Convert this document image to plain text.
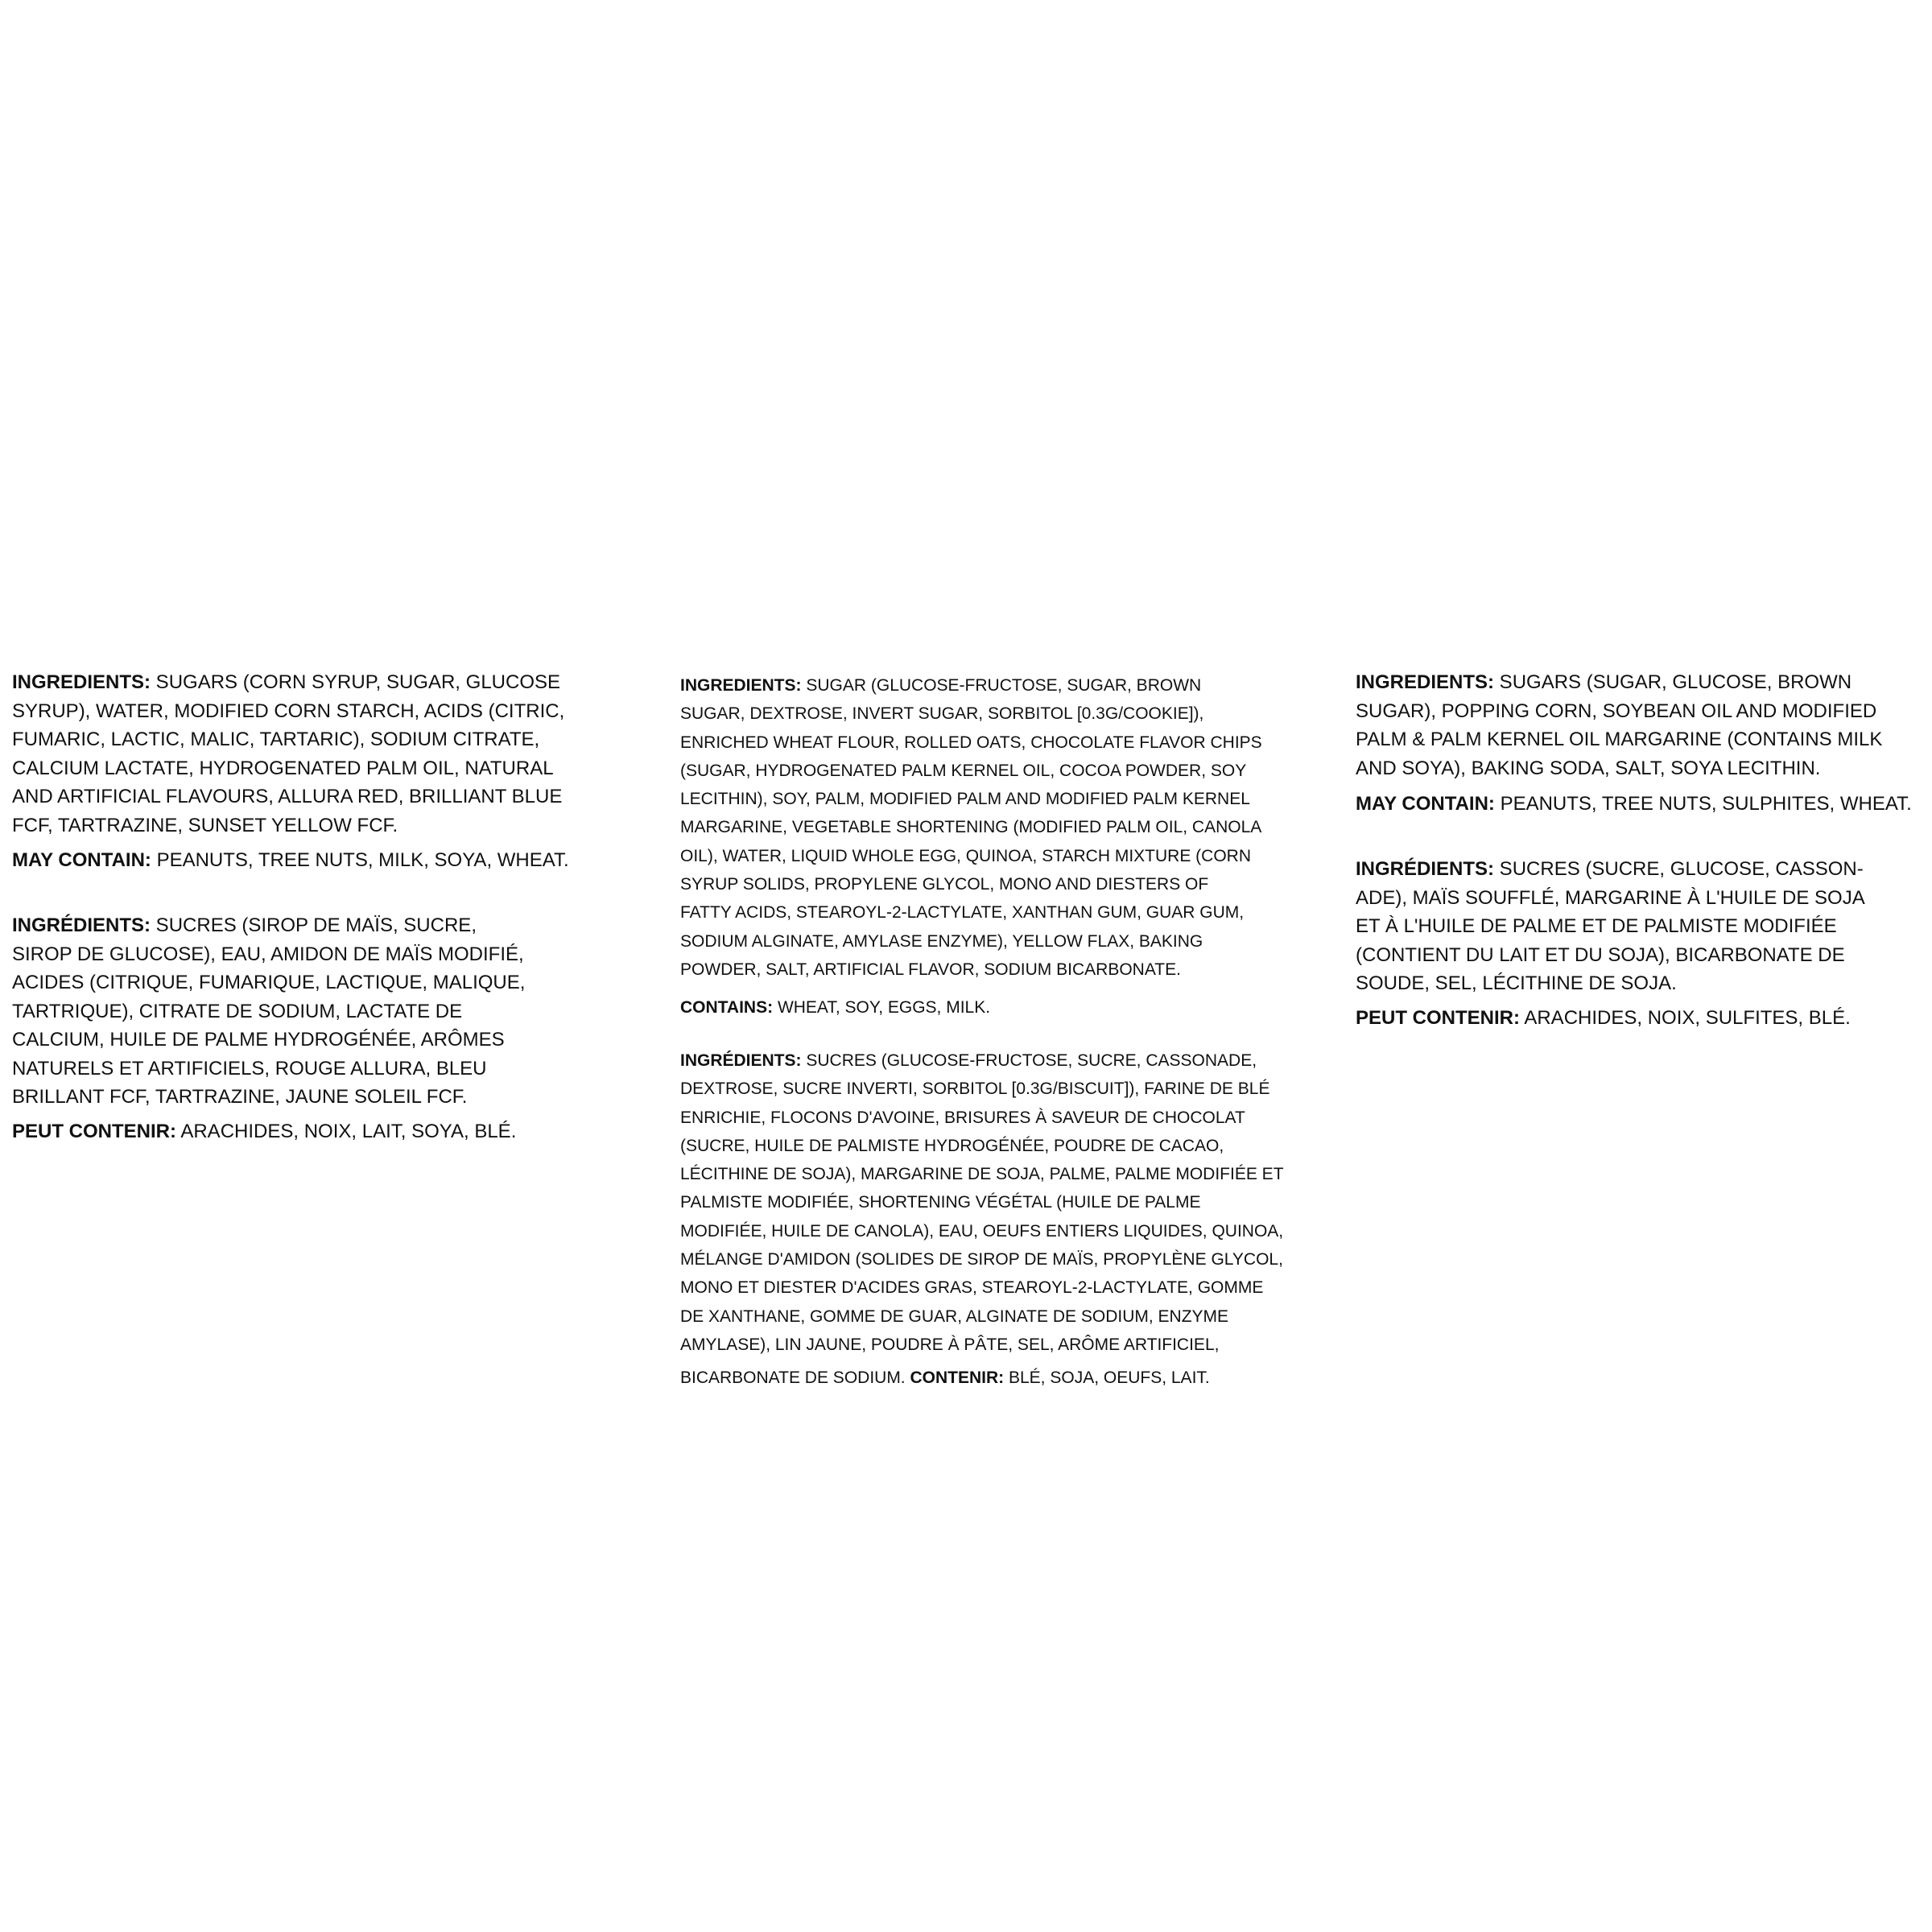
INGREDIENTS: SUGARS (CORN SYRUP, SUGAR, GLUCOSE
SYRUP), WATER, MODIFIED CORN STARCH, ACIDS (CITRIC,
FUMARIC, LACTIC, MALIC, TARTARIC), SODIUM CITRATE,
CALCIUM LACTATE, HYDROGENATED PALM OIL, NATURAL
AND ARTIFICIAL FLAVOURS, ALLURA RED, BRILLIANT BLUE
FCF, TARTRAZINE, SUNSET YELLOW FCF.

MAY CONTAIN: PEANUTS, TREE NUTS, MILK, SOYA, WHEAT.

INGRÉDIENTS: SUCRES (SIROP DE MAÏS, SUCRE,
SIROP DE GLUCOSE), EAU, AMIDON DE MAÏS MODIFIÉ,
ACIDES (CITRIQUE, FUMARIQUE, LACTIQUE, MALIQUE,
TARTRIQUE), CITRATE DE SODIUM, LACTATE DE
CALCIUM, HUILE DE PALME HYDROGÉNÉE, ARÔMES
NATURELS ET ARTIFICIELS, ROUGE ALLURA, BLEU
BRILLANT FCF, TARTRAZINE, JAUNE SOLEIL FCF.

PEUT CONTENIR: ARACHIDES, NOIX, LAIT, SOYA, BLÉ.

INGREDIENTS: SUGAR (GLUCOSE-FRUCTOSE, SUGAR, BROWN
SUGAR, DEXTROSE, INVERT SUGAR, SORBITOL [0.3G/COOKIE]),
ENRICHED WHEAT FLOUR, ROLLED OATS, CHOCOLATE FLAVOR CHIPS
(SUGAR, HYDROGENATED PALM KERNEL OIL, COCOA POWDER, SOY
LECITHIN), SOY, PALM, MODIFIED PALM AND MODIFIED PALM KERNEL
MARGARINE, VEGETABLE SHORTENING (MODIFIED PALM OIL, CANOLA
OIL), WATER, LIQUID WHOLE EGG, QUINOA, STARCH MIXTURE (CORN
SYRUP SOLIDS, PROPYLENE GLYCOL, MONO AND DIESTERS OF
FATTY ACIDS, STEAROYL-2-LACTYLATE, XANTHAN GUM, GUAR GUM,
SODIUM ALGINATE, AMYLASE ENZYME), YELLOW FLAX, BAKING
POWDER, SALT, ARTIFICIAL FLAVOR, SODIUM BICARBONATE.

CONTAINS: WHEAT, SOY, EGGS, MILK.

INGRÉDIENTS: SUCRES (GLUCOSE-FRUCTOSE, SUCRE, CASSONADE,
DEXTROSE, SUCRE INVERTI, SORBITOL [0.3G/BISCUIT]), FARINE DE BLÉ
ENRICHIE, FLOCONS D'AVOINE, BRISURES À SAVEUR DE CHOCOLAT
(SUCRE, HUILE DE PALMISTE HYDROGÉNÉE, POUDRE DE CACAO,
LÉCITHINE DE SOJA), MARGARINE DE SOJA, PALME, PALME MODIFIÉE ET
PALMISTE MODIFIÉE, SHORTENING VÉGÉTAL (HUILE DE PALME
MODIFIÉE, HUILE DE CANOLA), EAU, OEUFS ENTIERS LIQUIDES, QUINOA,
MÉLANGE D'AMIDON (SOLIDES DE SIROP DE MAÏS, PROPYLÈNE GLYCOL,
MONO ET DIESTER D'ACIDES GRAS, STEAROYL-2-LACTYLATE, GOMME
DE XANTHANE, GOMME DE GUAR, ALGINATE DE SODIUM, ENZYME
AMYLASE), LIN JAUNE, POUDRE À PÂTE, SEL, ARÔME ARTIFICIEL,
BICARBONATE DE SODIUM. CONTENIR: BLÉ, SOJA, OEUFS, LAIT.

INGREDIENTS: SUGARS (SUGAR, GLUCOSE, BROWN
SUGAR), POPPING CORN, SOYBEAN OIL AND MODIFIED
PALM & PALM KERNEL OIL MARGARINE (CONTAINS MILK
AND SOYA), BAKING SODA, SALT, SOYA LECITHIN.

MAY CONTAIN: PEANUTS, TREE NUTS, SULPHITES, WHEAT.

INGRÉDIENTS: SUCRES (SUCRE, GLUCOSE, CASSON-
ADE), MAÏS SOUFFLÉ, MARGARINE À L'HUILE DE SOJA
ET À L'HUILE DE PALME ET DE PALMISTE MODIFIÉE
(CONTIENT DU LAIT ET DU SOJA), BICARBONATE DE
SOUDE, SEL, LÉCITHINE DE SOJA.

PEUT CONTENIR: ARACHIDES, NOIX, SULFITES, BLÉ.
